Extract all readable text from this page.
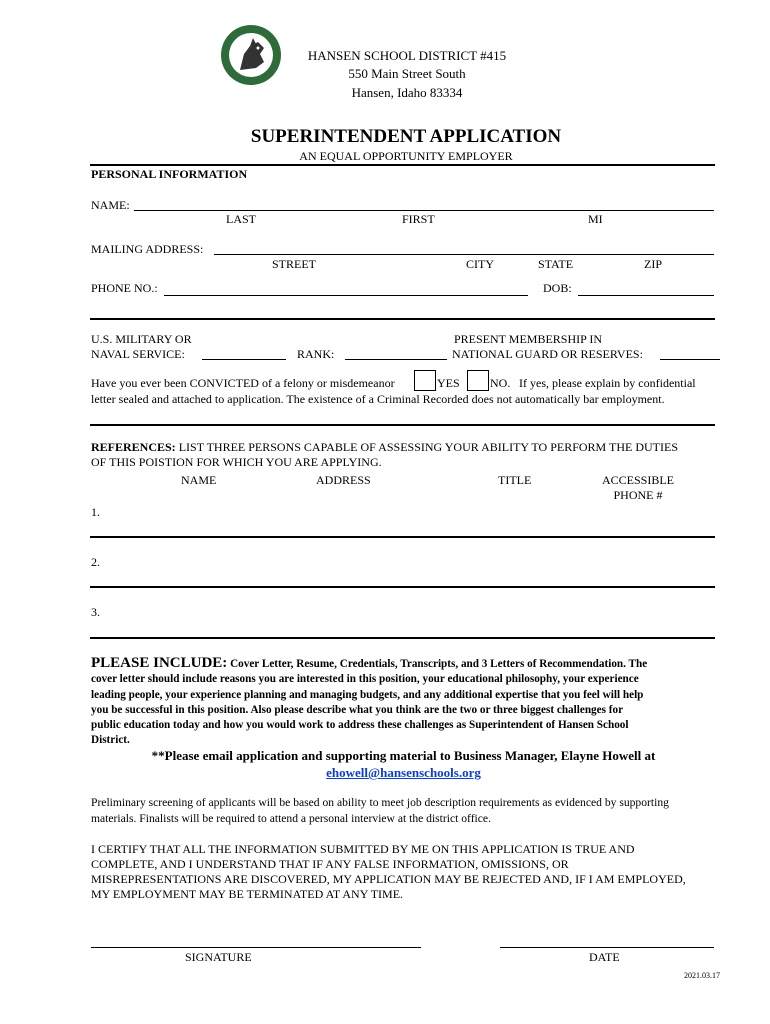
HANSEN SCHOOL DISTRICT #415
550 Main Street South
Hansen, Idaho 83334
SUPERINTENDENT APPLICATION
AN EQUAL OPPORTUNITY EMPLOYER
PERSONAL INFORMATION
NAME:
LAST	FIRST	MI
MAILING ADDRESS:
STREET	CITY	STATE	ZIP
PHONE NO.:	DOB:
U.S. MILITARY OR
NAVAL SERVICE:	RANK:
PRESENT MEMBERSHIP IN
NATIONAL GUARD OR RESERVES:
Have you ever been CONVICTED of a felony or misdemeanor	YES	NO. If yes, please explain by confidential
letter sealed and attached to application. The existence of a Criminal Recorded does not automatically bar employment.
REFERENCES: LIST THREE PERSONS CAPABLE OF ASSESSING YOUR ABILITY TO PERFORM THE DUTIES
OF THIS POISTION FOR WHICH YOU ARE APPLYING.
NAME	ADDRESS	TITLE	ACCESSIBLE
PHONE #
1.
2.
3.
PLEASE INCLUDE: Cover Letter, Resume, Credentials, Transcripts, and 3 Letters of Recommendation. The
cover letter should include reasons you are interested in this position, your educational philosophy, your experience
leading people, your experience planning and managing budgets, and any additional expertise that you feel will help
you be successful in this position. Also please describe what you think are the two or three biggest challenges for
public education today and how you would work to address these challenges as Superintendent of Hansen School
District.
**Please email application and supporting material to Business Manager, Elayne Howell at
ehowell@hansenschools.org
Preliminary screening of applicants will be based on ability to meet job description requirements as evidenced by supporting
materials. Finalists will be required to attend a personal interview at the district office.
I CERTIFY THAT ALL THE INFORMATION SUBMITTED BY ME ON THIS APPLICATION IS TRUE AND
COMPLETE, AND I UNDERSTAND THAT IF ANY FALSE INFORMATION, OMISSIONS, OR
MISREPRESENTATIONS ARE DISCOVERED, MY APPLICATION MAY BE REJECTED AND, IF I AM EMPLOYED,
MY EMPLOYMENT MAY BE TERMINATED AT ANY TIME.
SIGNATURE	DATE
2021.03.17
